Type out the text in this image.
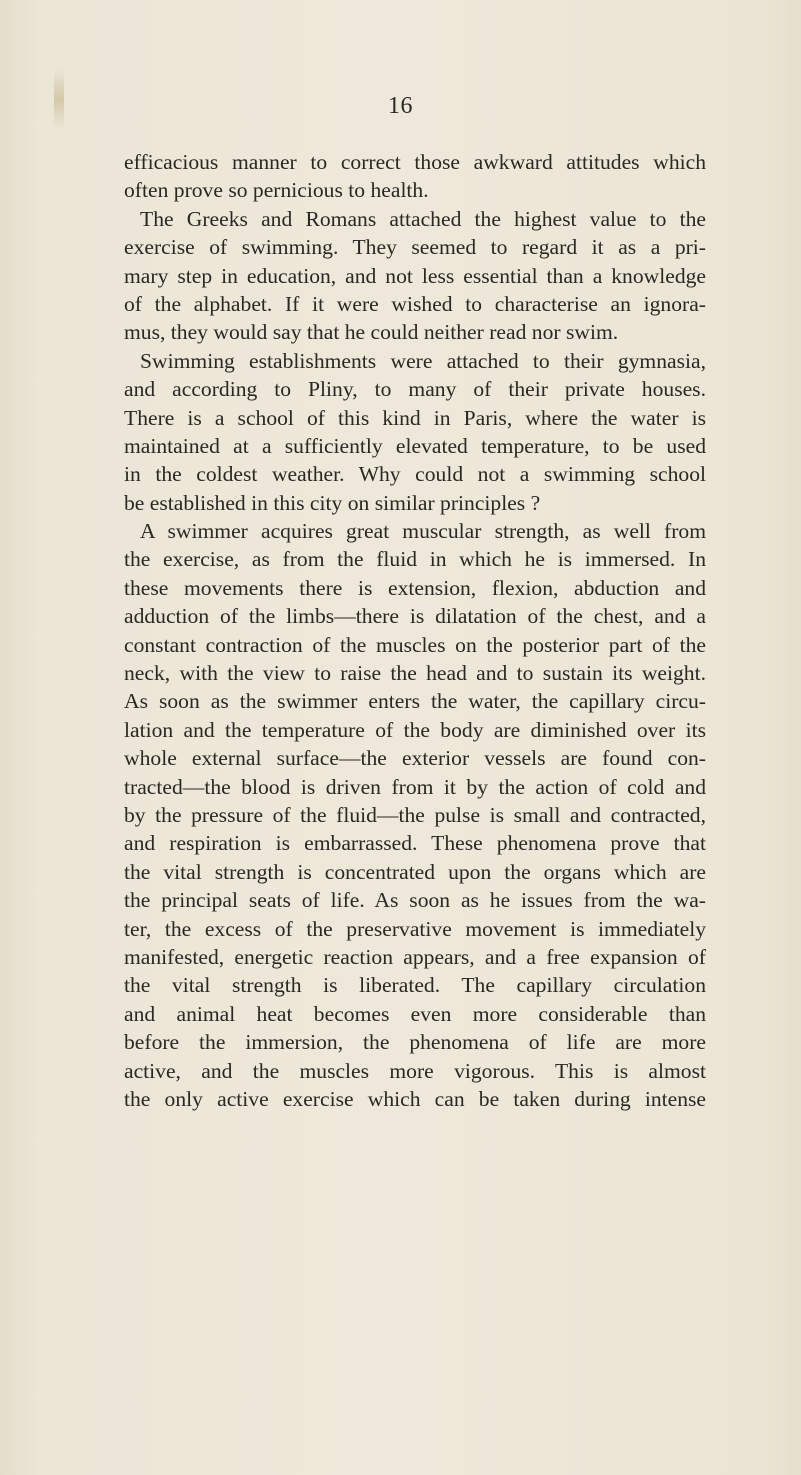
16
efficacious manner to correct those awkward attitudes which
often prove so pernicious to health.
The Greeks and Romans attached the highest value to the
exercise of swimming. They seemed to regard it as a pri-
mary step in education, and not less essential than a knowledge
of the alphabet. If it were wished to characterise an ignora-
mus, they would say that he could neither read nor swim.
Swimming establishments were attached to their gymnasia,
and according to Pliny, to many of their private houses.
There is a school of this kind in Paris, where the water is
maintained at a sufficiently elevated temperature, to be used
in the coldest weather. Why could not a swimming school
be established in this city on similar principles ?
A swimmer acquires great muscular strength, as well from
the exercise, as from the fluid in which he is immersed. In
these movements there is extension, flexion, abduction and
adduction of the limbs—there is dilatation of the chest, and a
constant contraction of the muscles on the posterior part of the
neck, with the view to raise the head and to sustain its weight.
As soon as the swimmer enters the water, the capillary circu-
lation and the temperature of the body are diminished over its
whole external surface—the exterior vessels are found con-
tracted—the blood is driven from it by the action of cold and
by the pressure of the fluid—the pulse is small and contracted,
and respiration is embarrassed. These phenomena prove that
the vital strength is concentrated upon the organs which are
the principal seats of life. As soon as he issues from the wa-
ter, the excess of the preservative movement is immediately
manifested, energetic reaction appears, and a free expansion of
the vital strength is liberated. The capillary circulation
and animal heat becomes even more considerable than
before the immersion, the phenomena of life are more
active, and the muscles more vigorous. This is almost
the only active exercise which can be taken during intense
